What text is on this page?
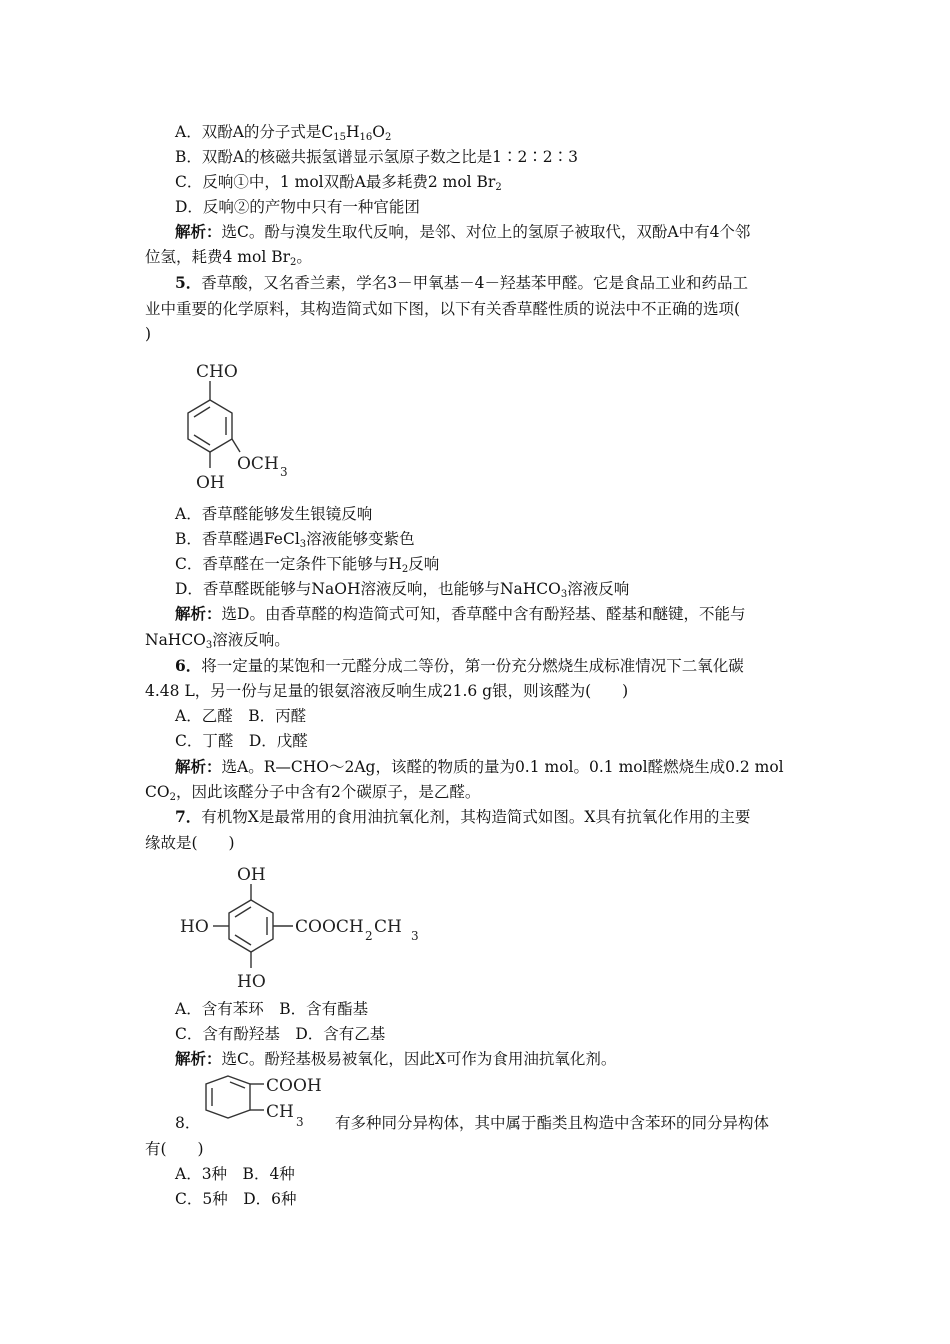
A．双酚A的分子式是$C_{15}H_{16}O_2$
B．双酚A的核磁共振氢谱显示氢原子数之比是1∶2∶2∶3
C．反响①中，1 mol双酚A最多耗费2 mol $Br_2$
D．反响②的产物中只有一种官能团
解析：选C。酚与溴发生取代反响，是邻、对位上的氢原子被取代，双酚A中有4个邻
位氢，耗费4 mol $Br_2$。
5．香草酸，又名香兰素，学名3－甲氧基－4－羟基苯甲醛。它是食品工业和药品工
业中重要的化学原料，其构造简式如下图，以下有关香草醛性质的说法中不正确的选项(
)
CHO
OH
OCH 3
A．香草醛能够发生银镜反响
B．香草醛遇FeCl$_3$溶液能够变紫色
C．香草醛在一定条件下能够与$H_2$反响
D．香草醛既能够与NaOH溶液反响，也能够与NaHCO$_3$溶液反响
解析：选D。由香草醛的构造简式可知，香草醛中含有酚羟基、醛基和醚键，不能与
NaHCO$_3$溶液反响。
6．将一定量的某饱和一元醛分成二等份，第一份充分燃烧生成标准情况下二氧化碳
4.48 L，另一份与足量的银氨溶液反响生成21.6 g银，则该醛为(　　)
A．乙醛　B．丙醛
C．丁醛　D．戊醛
解析：选A。R—CHO～2Ag，该醛的物质的量为0.1 mol。0.1 mol醛燃烧生成0.2 mol
$CO_2$，因此该醛分子中含有2个碳原子，是乙醛。
7．有机物X是最常用的食用油抗氧化剂，其构造简式如图。X具有抗氧化作用的主要
缘故是(　　)
OH
HO
HO
COOCH 2 CH 3
A．含有苯环　B．含有酯基
C．含有酚羟基　D．含有乙基
解析：选C。酚羟基极易被氧化，因此X可作为食用油抗氧化剂。
8．
COOH
CH 3 有多种同分异构体，其中属于酯类且构造中含苯环的同分异构体
有(　　)
A．3种　B．4种
C．5种　D．6种
